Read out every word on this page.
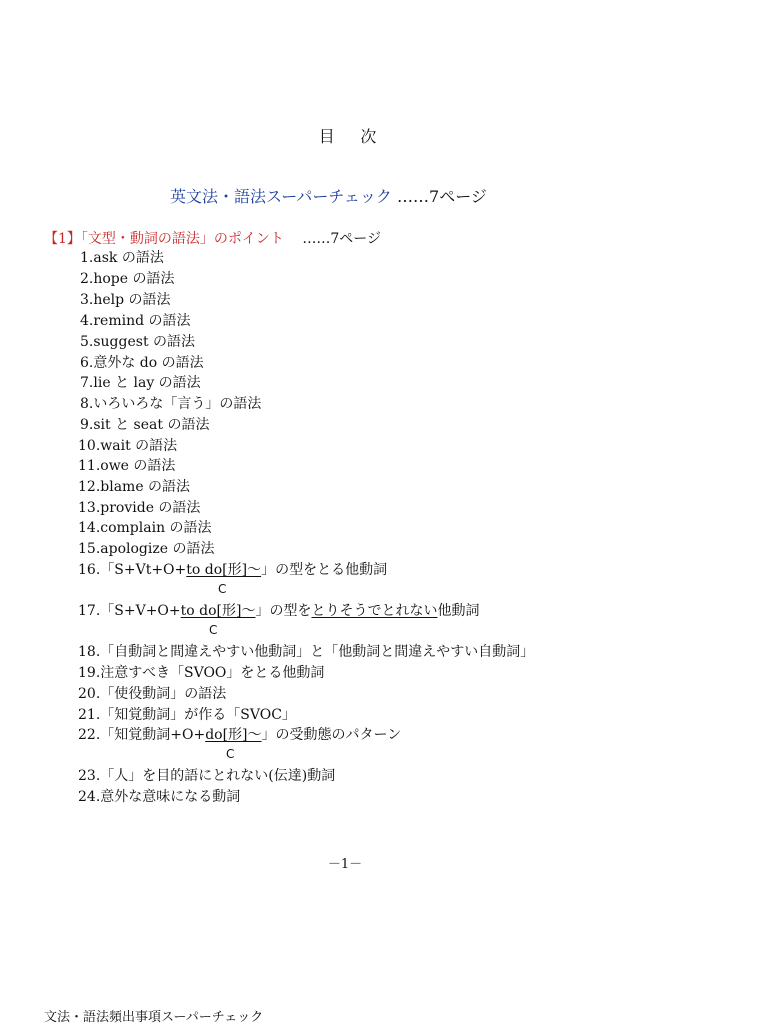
目　次
英文法・語法スーパーチェック ……7ページ
【1】「文型・動詞の語法」のポイント ……7ページ
1.ask の語法
2.hope の語法
3.help の語法
4.remind の語法
5.suggest の語法
6.意外な do の語法
7.lie と lay の語法
8.いろいろな「言う」の語法
9.sit と seat の語法
10.wait の語法
11.owe の語法
12.blame の語法
13.provide の語法
14.complain の語法
15.apologize の語法
16.「S+Vt+O+to do[形]〜」の型をとる他動詞
C
17.「S+V+O+to do[形]〜」の型をとりそうでとれない他動詞
C
18.「自動詞と間違えやすい他動詞」と「他動詞と間違えやすい自動詞」
19.注意すべき「SVOO」をとる他動詞
20.「使役動詞」の語法
21.「知覚動詞」が作る「SVOC」
22.「知覚動詞+O+do[形]〜」の受動態のパターン
C
23.「人」を目的語にとれない(伝達)動詞
24.意外な意味になる動詞
－1－
文法・語法頻出事項スーパーチェック
